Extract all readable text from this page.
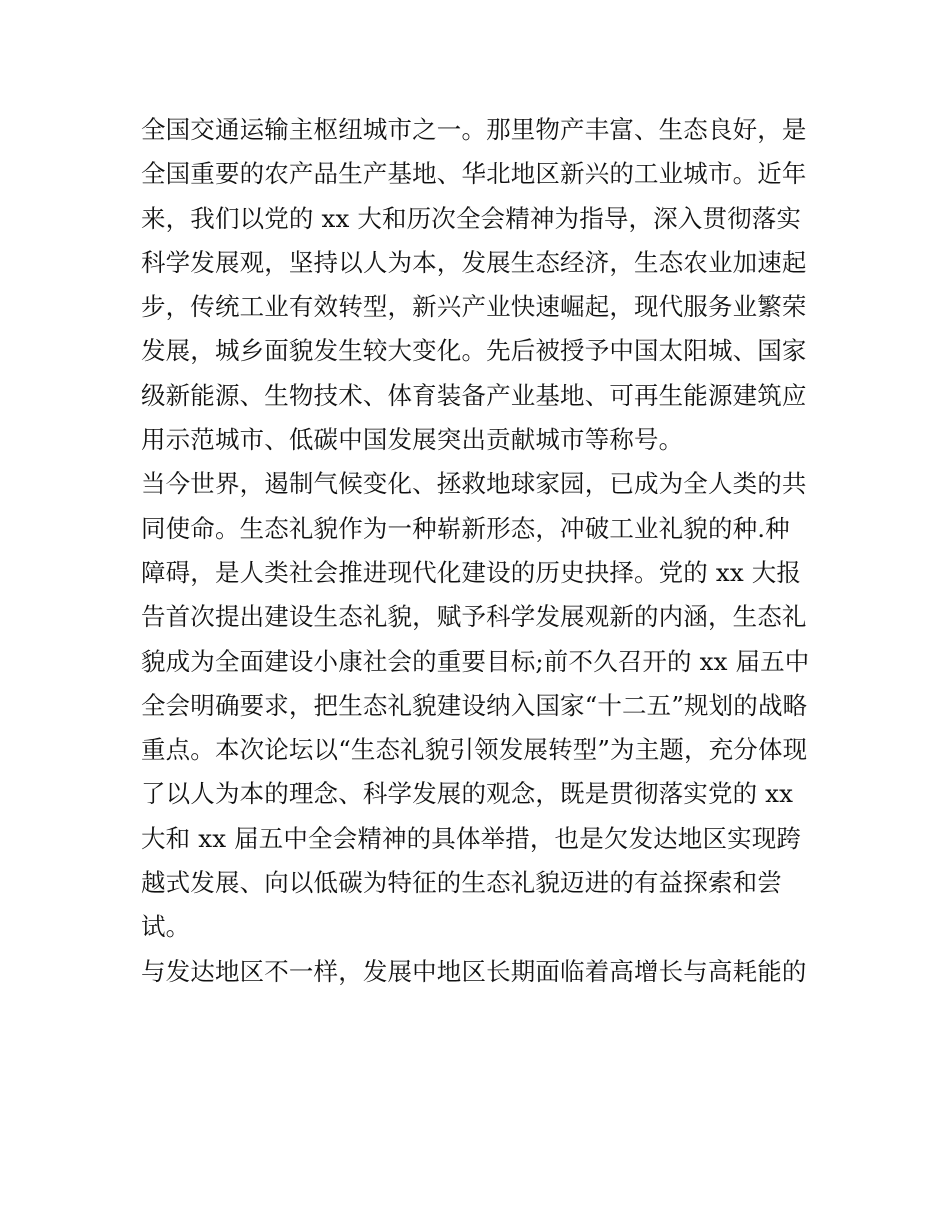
全国交通运输主枢纽城市之一。那里物产丰富、生态良好，是
全国重要的农产品生产基地、华北地区新兴的工业城市。近年
来，我们以党的 xx 大和历次全会精神为指导，深入贯彻落实
科学发展观，坚持以人为本，发展生态经济，生态农业加速起
步，传统工业有效转型，新兴产业快速崛起，现代服务业繁荣
发展，城乡面貌发生较大变化。先后被授予中国太阳城、国家
级新能源、生物技术、体育装备产业基地、可再生能源建筑应
用示范城市、低碳中国发展突出贡献城市等称号。
当今世界，遏制气候变化、拯救地球家园，已成为全人类的共
同使命。生态礼貌作为一种崭新形态，冲破工业礼貌的种.种
障碍，是人类社会推进现代化建设的历史抉择。党的 xx 大报
告首次提出建设生态礼貌，赋予科学发展观新的内涵，生态礼
貌成为全面建设小康社会的重要目标;前不久召开的 xx 届五中
全会明确要求，把生态礼貌建设纳入国家“十二五”规划的战略
重点。本次论坛以“生态礼貌引领发展转型”为主题，充分体现
了以人为本的理念、科学发展的观念，既是贯彻落实党的 xx
大和 xx 届五中全会精神的具体举措，也是欠发达地区实现跨
越式发展、向以低碳为特征的生态礼貌迈进的有益探索和尝
试。
与发达地区不一样，发展中地区长期面临着高增长与高耗能的
